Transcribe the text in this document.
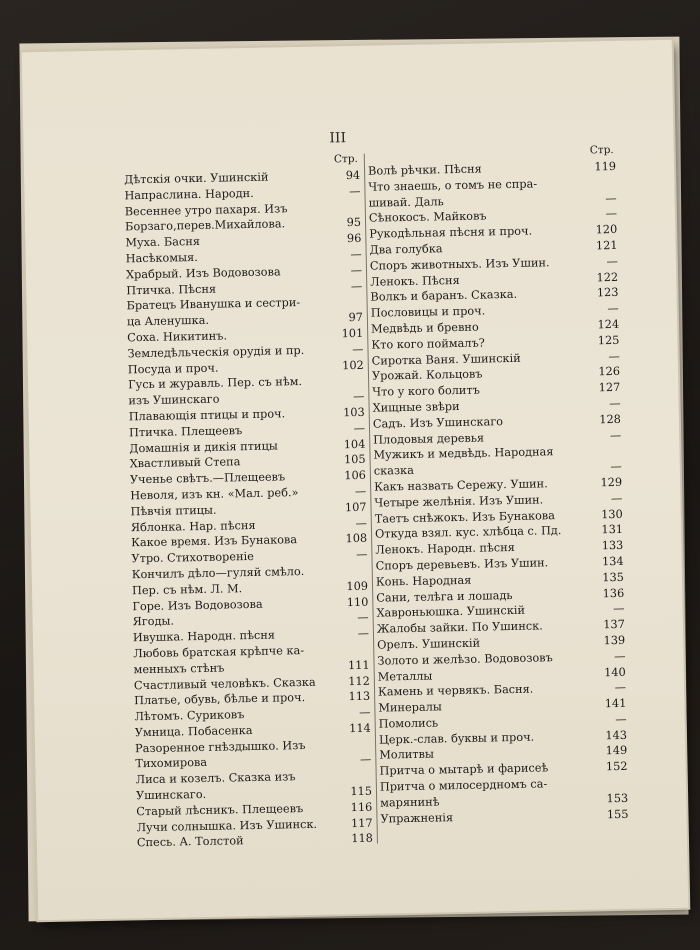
III
Стр.
Дѣтскія очки. Ушинскій	94
Напраслина. Народн.	—
Весеннее утро пахаря. Изъ
Борзаго,перев.Михайлова.	95
Муха. Басня	96
Насѣкомыя.	—
Храбрый. Изъ Водовозова	—
Птичка. Пѣсня	—
Братецъ Иванушка и сестри-
ца Аленушка.	97
Соха. Никитинъ.	101
Земледѣльческія орудія и пр.	—
Посуда и проч.	102
Гусь и журавль. Пер. съ нѣм.
изъ Ушинскаго	—
Плавающія птицы и проч.	103
Птичка. Плещеевъ	—
Домашнія и дикія птицы	104
Хвастливый Степа	105
Ученье свѣтъ.—Плещеевъ	106
Неволя, изъ кн. «Мал. реб.»	—
Пѣвчія птицы.	107
Яблонка. Нар. пѣсня	—
Какое время. Изъ Бунакова	108
Утро. Стихотвореніе	—
Кончилъ дѣло—гуляй смѣло.
Пер. съ нѣм. Л. М.	109
Горе. Изъ Водовозова	110
Ягоды.	—
Ивушка. Народн. пѣсня	—
Любовь братская крѣпче ка-
менныхъ стѣнъ	111
Счастливый человѣкъ. Сказка	112
Платье, обувь, бѣлье и проч.	113
Лѣтомъ. Суриковъ	—
Умница. Побасенка	114
Разоренное гнѣздышко. Изъ
Тихомирова	—
Лиса и козелъ. Сказка изъ
Ушинскаго.	115
Старый лѣсникъ. Плещеевъ	116
Лучи солнышка. Изъ Ушинск.	117
Спесь. А. Толстой	118
Стр.
Волѣ рѣчки. Пѣсня	119
Что знаешь, о томъ не спра-
шивай. Даль	—
Сѣнокосъ. Майковъ	—
Рукодѣльная пѣсня и проч.	120
Два голубка	121
Споръ животныхъ. Изъ Ушин.	—
Ленокъ. Пѣсня	122
Волкъ и баранъ. Сказка.	123
Пословицы и проч.	—
Медвѣдь и бревно	124
Кто кого поймалъ?	125
Сиротка Ваня. Ушинскій	—
Урожай. Кольцовъ	126
Что у кого болитъ	127
Хищные звѣри	—
Садъ. Изъ Ушинскаго	128
Плодовыя деревья	—
Мужикъ и медвѣдь. Народная
сказка	—
Какъ назвать Сережу. Ушин.	129
Четыре желѣнія. Изъ Ушин.	—
Таетъ снѣжокъ. Изъ Бунакова	130
Откуда взял. кус. хлѣбца с. Пд.	131
Ленокъ. Народн. пѣсня	133
Споръ деревьевъ. Изъ Ушин.	134
Конь. Народная	135
Сани, телѣга и лошадь	136
Хавроньюшка. Ушинскій	—
Жалобы зайки. По Ушинск.	137
Орелъ. Ушинскій	139
Золото и желѣзо. Водовозовъ	—
Металлы	140
Камень и червякъ. Басня.	—
Минералы	141
Помолись	—
Церк.-слав. буквы и проч.	143
Молитвы	149
Притча о мытарѣ и фарисеѣ	152
Притча о милосердномъ са-
марянинѣ	153
Упражненія	155
